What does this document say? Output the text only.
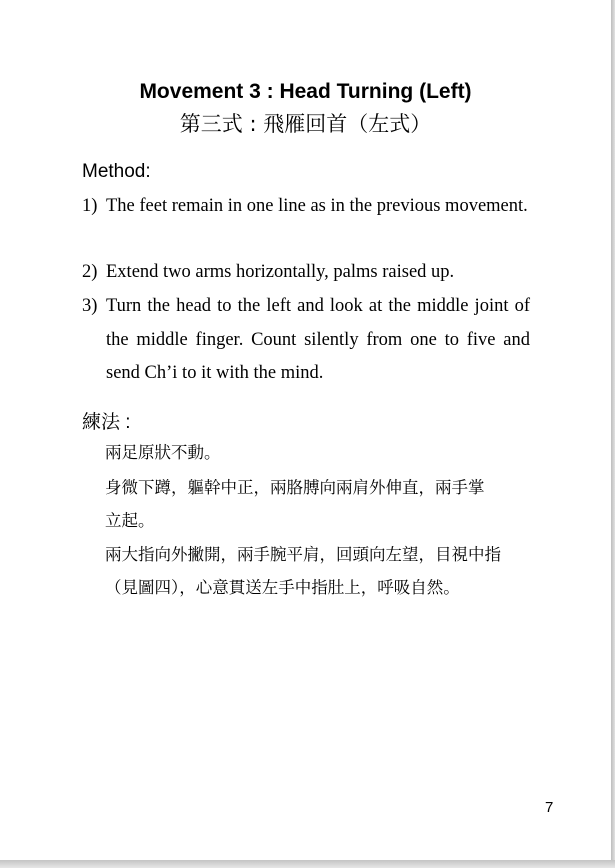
Movement 3 : Head Turning (Left)
第三式 : 飛雁回首（左式）
Method:
1) The feet remain in one line as in the previous movement.
2) Extend two arms horizontally, palms raised up.
3) Turn the head to the left and look at the middle joint of the middle finger. Count silently from one to five and send Ch’i to it with the mind.
練法 :
兩足原狀不動。
身微下蹲，軀幹中正，兩胳膊向兩肩外伸直，兩手掌
立起。
兩大指向外撇開，兩手腕平肩，回頭向左望，目視中指
（見圖四），心意貫送左手中指肚上，呼吸自然。
7
